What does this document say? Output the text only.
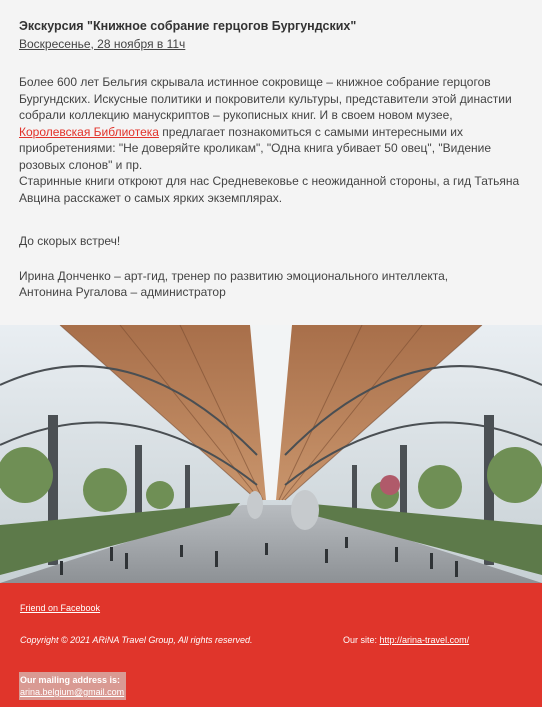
Экскурсия "Книжное собрание герцогов Бургундских"
Воскресенье, 28 ноября в 11ч
Более 600 лет Бельгия скрывала истинное сокровище – книжное собрание герцогов Бургундских. Искусные политики и покровители культуры, представители этой династии собрали коллекцию манускриптов – рукописных книг. И в своем новом музее,
Королевская Библиотека предлагает познакомиться с самыми интересными их приобретениями: "Не доверяйте кроликам", "Одна книга убивает 50 овец", "Видение розовых слонов" и пр.
Старинные книги откроют для нас Средневековье с неожиданной стороны, а гид Татьяна Авцина расскажет о самых ярких экземплярах.
До скорых встреч!
Ирина Донченко – арт-гид, тренер по развитию эмоционального интеллекта,
Антонина Ругалова – администратор
Friend on Facebook
Copyright © 2021 ARiNA Travel Group, All rights reserved.	Our site: http://arina-travel.com/
Our mailing address is:
arina.belgium@gmail.com
